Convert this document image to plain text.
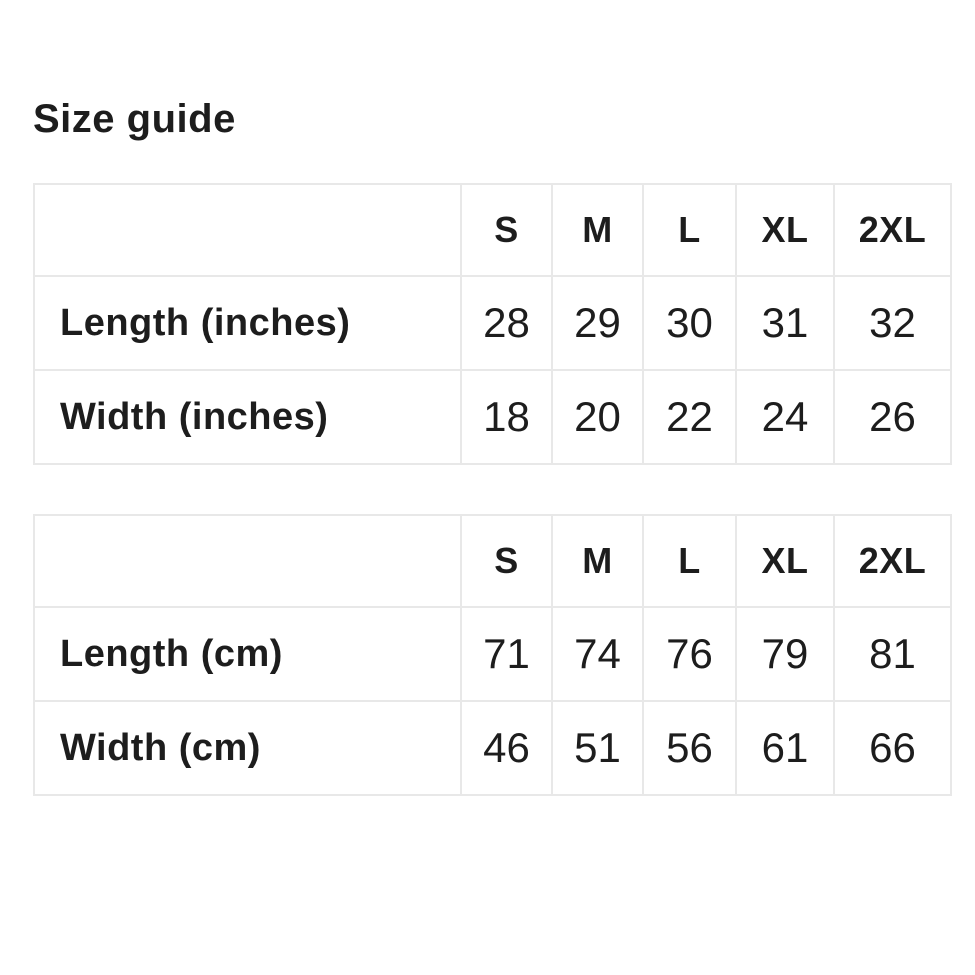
Size guide
	S	M	L	XL	2XL
Length (inches)	28	29	30	31	32
Width (inches)	18	20	22	24	26
	S	M	L	XL	2XL
Length (cm)	71	74	76	79	81
Width (cm)	46	51	56	61	66
